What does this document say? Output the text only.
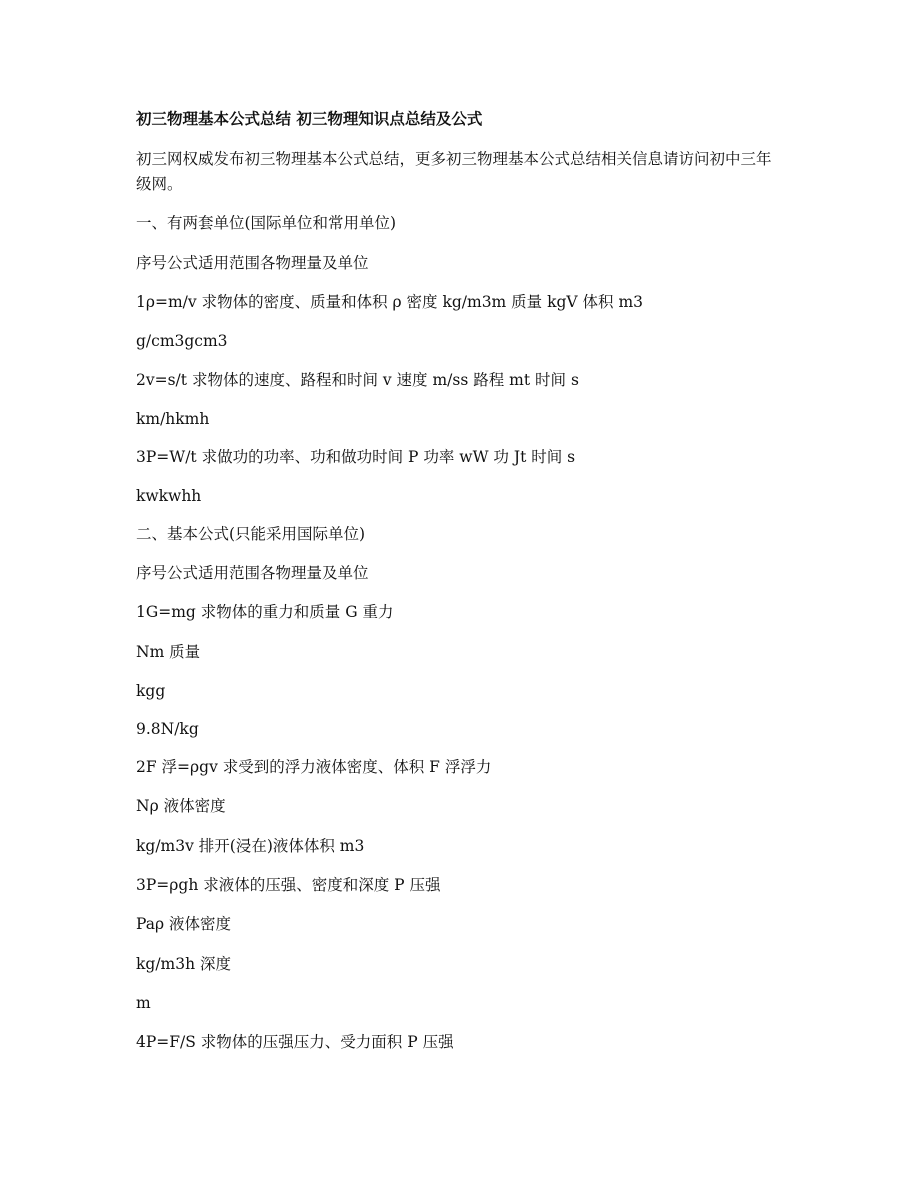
初三物理基本公式总结 初三物理知识点总结及公式
初三网权威发布初三物理基本公式总结，更多初三物理基本公式总结相关信息请访问初中三年级网。
一、有两套单位(国际单位和常用单位)
序号公式适用范围各物理量及单位
1ρ=m/v 求物体的密度、质量和体积 ρ 密度 kg/m3m 质量 kgV 体积 m3
g/cm3gcm3
2v=s/t 求物体的速度、路程和时间 v 速度 m/ss 路程 mt 时间 s
km/hkmh
3P=W/t 求做功的功率、功和做功时间 P 功率 wW 功 Jt 时间 s
kwkwhh
二、基本公式(只能采用国际单位)
序号公式适用范围各物理量及单位
1G=mg 求物体的重力和质量 G 重力
Nm 质量
kgg
9.8N/kg
2F 浮=ρgv 求受到的浮力液体密度、体积 F 浮浮力
Nρ 液体密度
kg/m3v 排开(浸在)液体体积 m3
3P=ρgh 求液体的压强、密度和深度 P 压强
Paρ 液体密度
kg/m3h 深度
m
4P=F/S 求物体的压强压力、受力面积 P 压强
